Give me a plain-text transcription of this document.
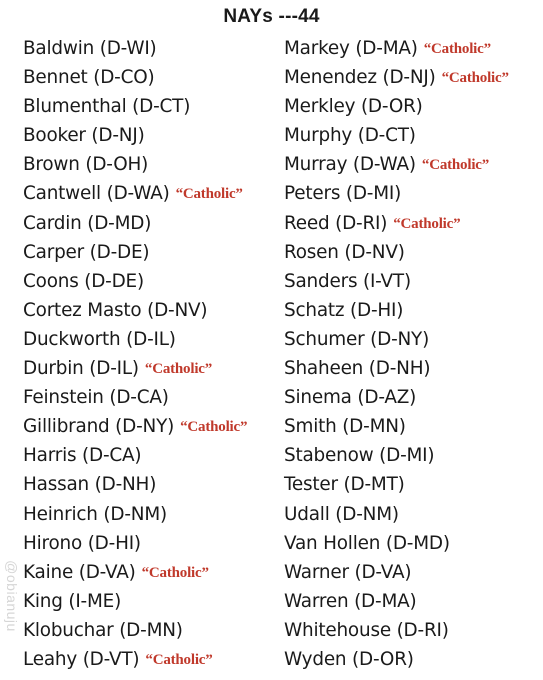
NAYs ---44
Baldwin (D-WI)
Bennet (D-CO)
Blumenthal (D-CT)
Booker (D-NJ)
Brown (D-OH)
Cantwell (D-WA) “Catholic”
Cardin (D-MD)
Carper (D-DE)
Coons (D-DE)
Cortez Masto (D-NV)
Duckworth (D-IL)
Durbin (D-IL) “Catholic”
Feinstein (D-CA)
Gillibrand (D-NY) “Catholic”
Harris (D-CA)
Hassan (D-NH)
Heinrich (D-NM)
Hirono (D-HI)
Kaine (D-VA) “Catholic”
King (I-ME)
Klobuchar (D-MN)
Leahy (D-VT) “Catholic”
Markey (D-MA) “Catholic”
Menendez (D-NJ) “Catholic”
Merkley (D-OR)
Murphy (D-CT)
Murray (D-WA) “Catholic”
Peters (D-MI)
Reed (D-RI) “Catholic”
Rosen (D-NV)
Sanders (I-VT)
Schatz (D-HI)
Schumer (D-NY)
Shaheen (D-NH)
Sinema (D-AZ)
Smith (D-MN)
Stabenow (D-MI)
Tester (D-MT)
Udall (D-NM)
Van Hollen (D-MD)
Warner (D-VA)
Warren (D-MA)
Whitehouse (D-RI)
Wyden (D-OR)
@obianuju
